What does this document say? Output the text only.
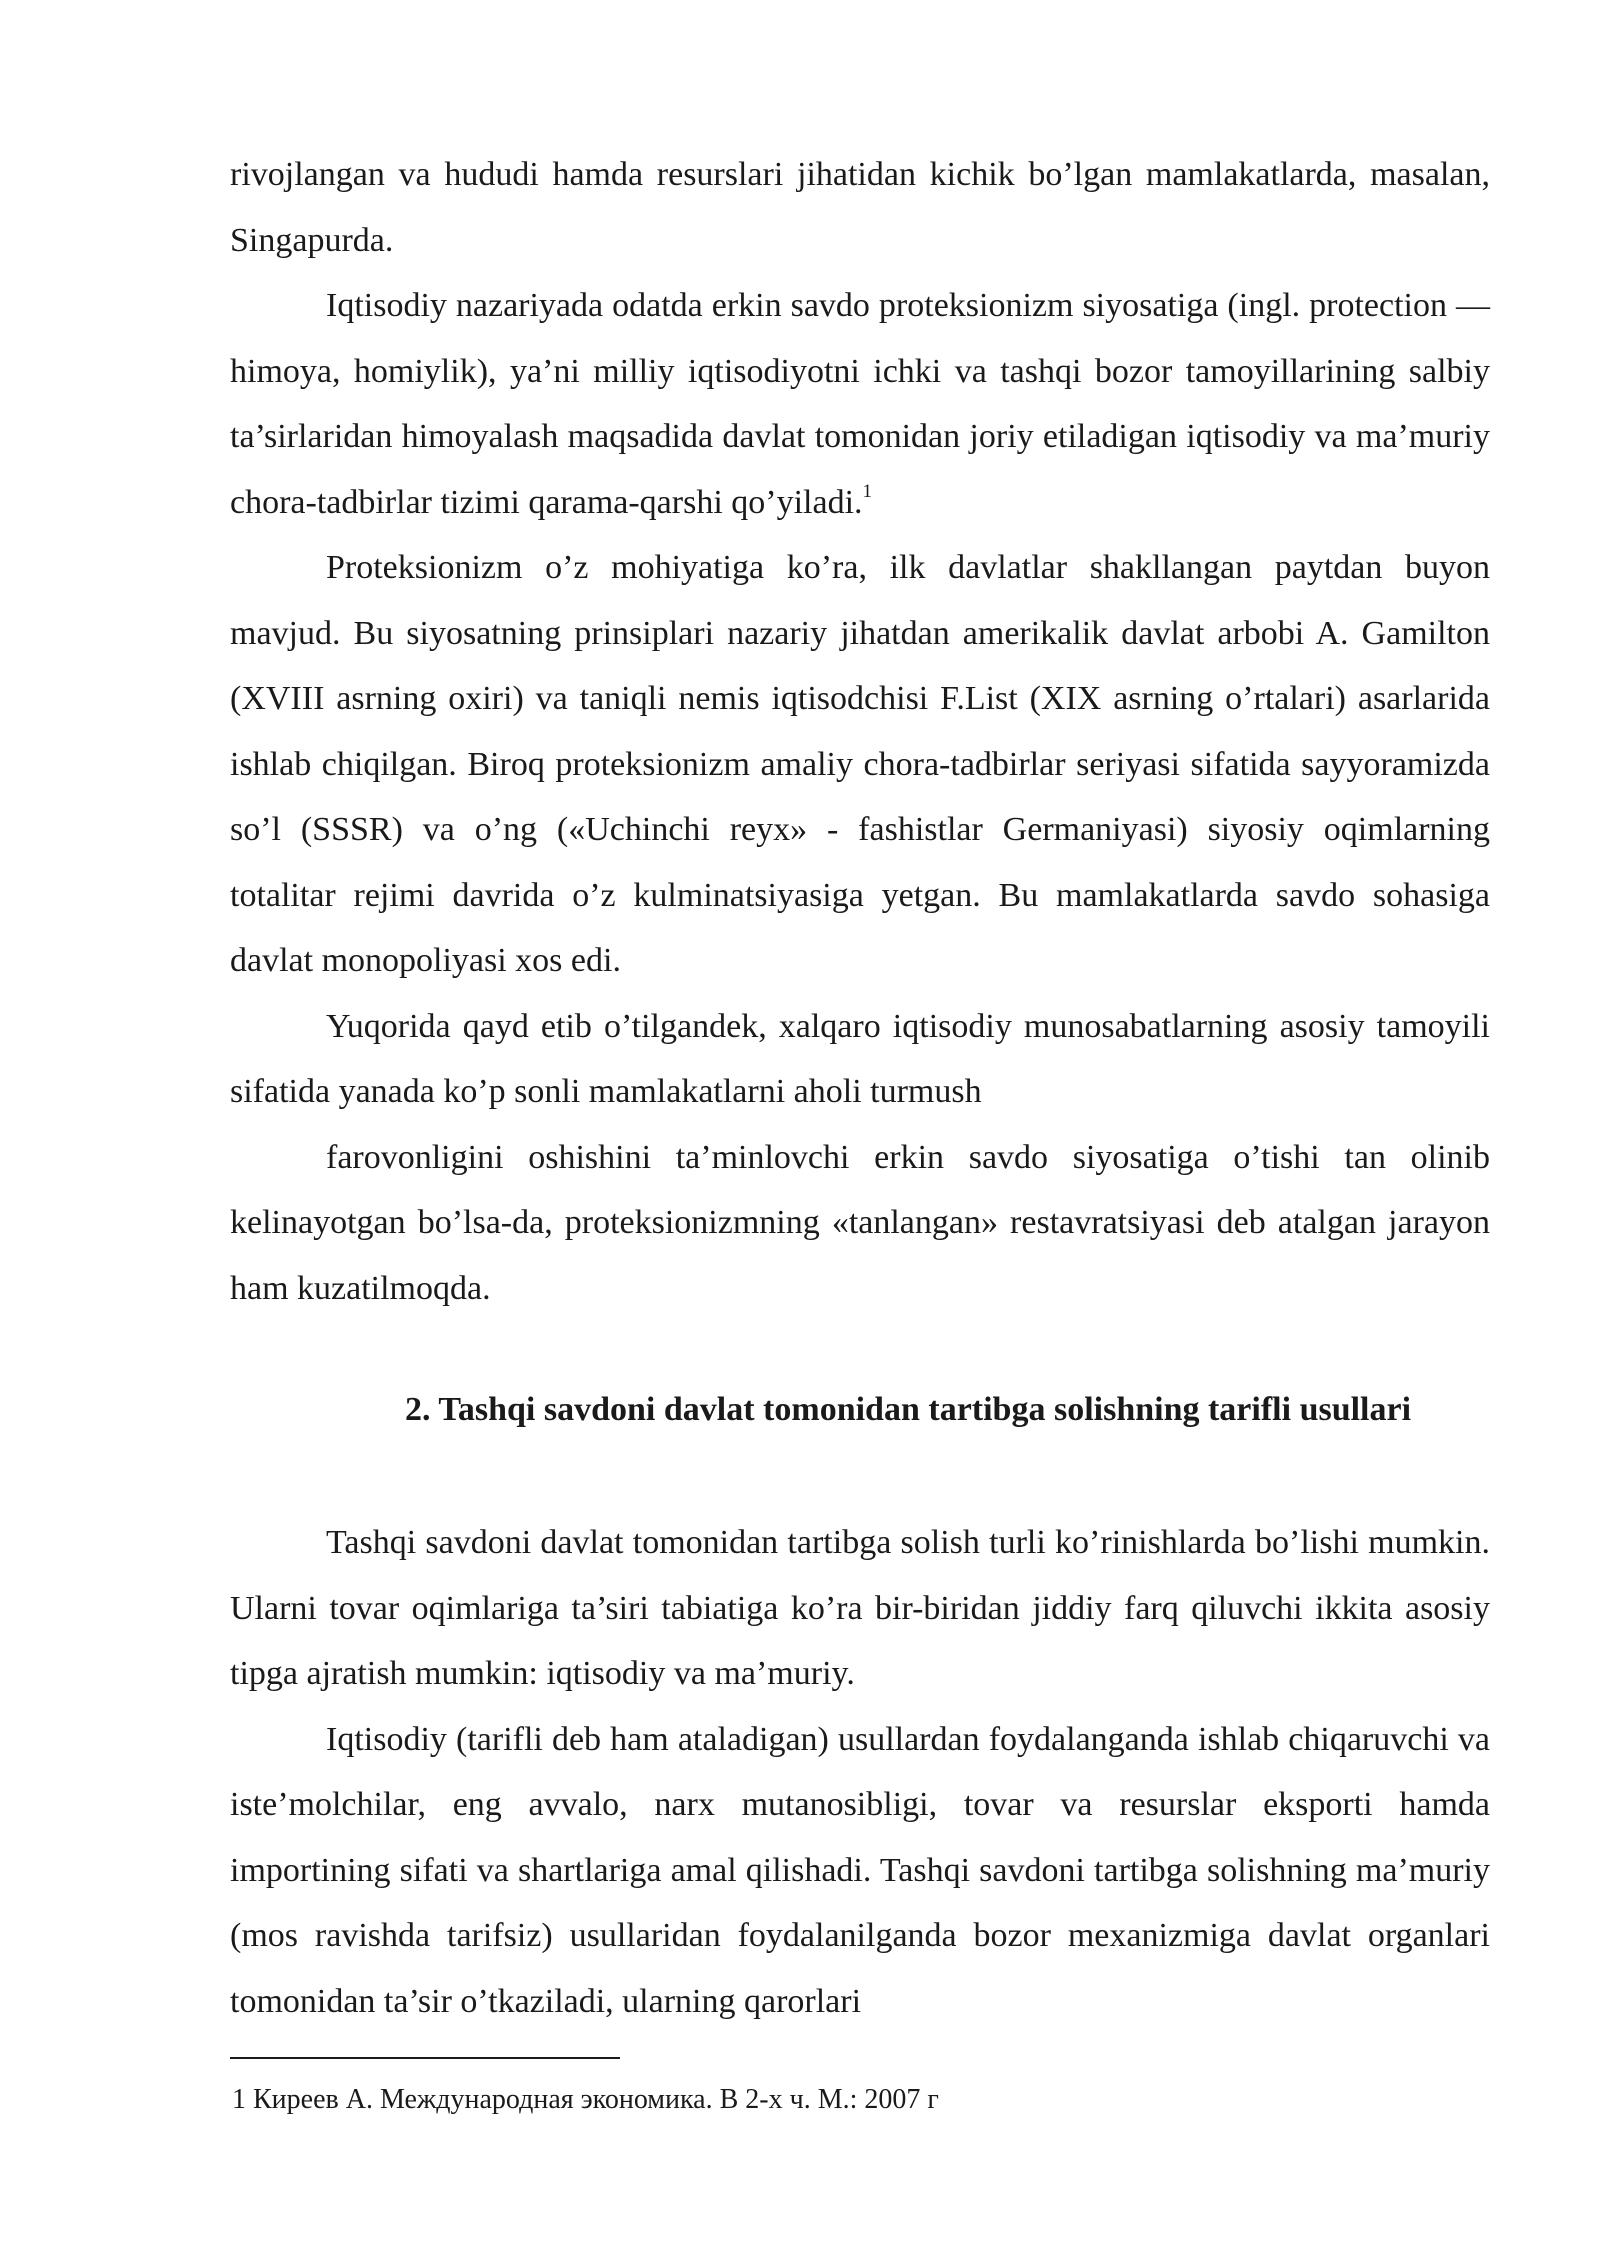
rivojlangan va hududi hamda resurslari jihatidan kichik bo’lgan mamlakatlarda, masalan, Singapurda.

Iqtisodiy nazariyada odatda erkin savdo proteksionizm siyosatiga (ingl. protection — himoya, homiylik), ya’ni milliy iqtisodiyotni ichki va tashqi bozor tamoyillarining salbiy ta’sirlaridan himoyalash maqsadida davlat tomonidan joriy etiladigan iqtisodiy va ma’muriy chora-tadbirlar tizimi qarama-qarshi qo’yiladi.$^1$

Proteksionizm o’z mohiyatiga ko’ra, ilk davlatlar shakllangan paytdan buyon mavjud. Bu siyosatning prinsiplari nazariy jihatdan amerikalik davlat arbobi A. Gamilton (XVIII asrning oxiri) va taniqli nemis iqtisodchisi F.List (XIX asrning o’rtalari) asarlarida ishlab chiqilgan. Biroq proteksionizm amaliy chora-tadbirlar seriyasi sifatida sayyoramizda so’l (SSSR) va o’ng («Uchinchi reyx» - fashistlar Germaniyasi) siyosiy oqimlarning totalitar rejimi davrida o’z kulminatsiyasiga yetgan. Bu mamlakatlarda savdo sohasiga davlat monopoliyasi xos edi.

Yuqorida qayd etib o’tilgandek, xalqaro iqtisodiy munosabatlarning asosiy tamoyili sifatida yanada ko’p sonli mamlakatlarni aholi turmush

farovonligini oshishini ta’minlovchi erkin savdo siyosatiga o’tishi tan olinib kelinayotgan bo’lsa-da, proteksionizmning «tanlangan» restavratsiyasi deb atalgan jarayon ham kuzatilmoqda.

2. Tashqi savdoni davlat tomonidan tartibga solishning tarifli usullari

Tashqi savdoni davlat tomonidan tartibga solish turli ko’rinishlarda bo’lishi mumkin. Ularni tovar oqimlariga ta’siri tabiatiga ko’ra bir-biridan jiddiy farq qiluvchi ikkita asosiy tipga ajratish mumkin: iqtisodiy va ma’muriy.

Iqtisodiy (tarifli deb ham ataladigan) usullardan foydalanganda ishlab chiqaruvchi va iste’molchilar, eng avvalo, narx mutanosibligi, tovar va resurslar eksporti hamda importining sifati va shartlariga amal qilishadi. Tashqi savdoni tartibga solishning ma’muriy (mos ravishda tarifsiz) usullaridan foydalanilganda bozor mexanizmiga davlat organlari tomonidan ta’sir o’tkaziladi, ularning qarorlari

1 Киреев А. Международная экономика. В 2-х ч. М.: 2007 г
